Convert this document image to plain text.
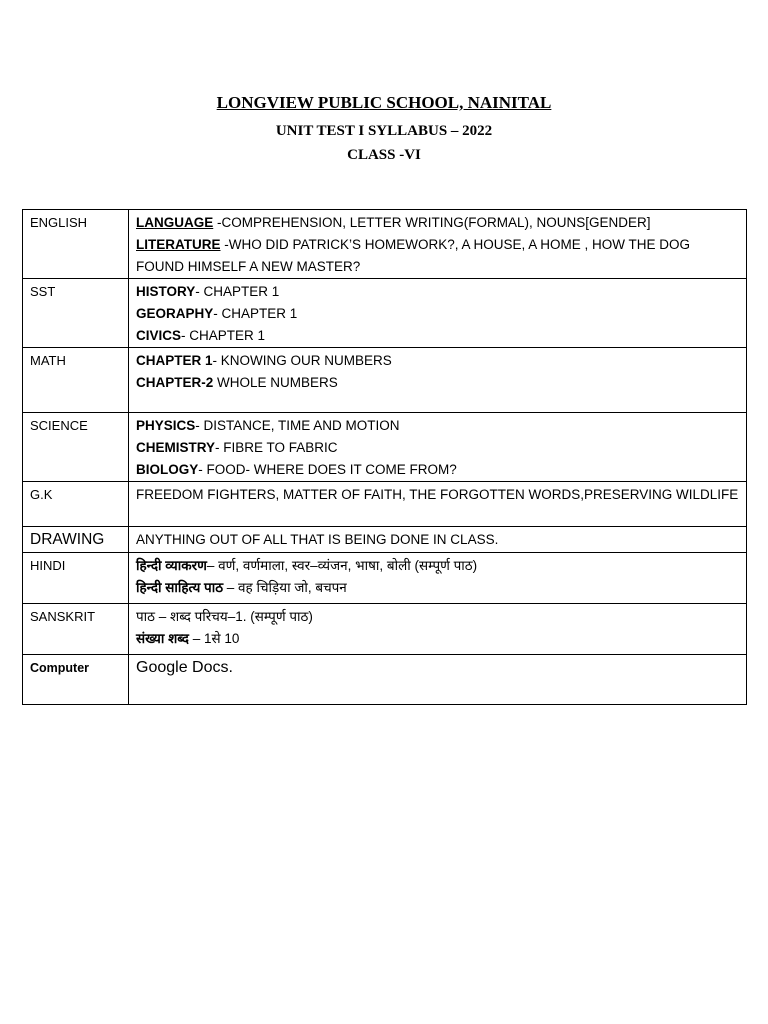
LONGVIEW PUBLIC SCHOOL, NAINITAL
UNIT TEST I SYLLABUS – 2022
CLASS -VI
ENGLISH	LANGUAGE -COMPREHENSION, LETTER WRITING(FORMAL), NOUNS[GENDER]
LITERATURE -WHO DID PATRICK’S HOMEWORK?, A HOUSE, A HOME , HOW THE DOG FOUND HIMSELF A NEW MASTER?

SST	HISTORY- CHAPTER 1
GEORAPHY- CHAPTER 1
CIVICS- CHAPTER 1

MATH	CHAPTER 1- KNOWING OUR NUMBERS
CHAPTER-2 WHOLE NUMBERS

SCIENCE	PHYSICS- DISTANCE, TIME AND MOTION
CHEMISTRY- FIBRE TO FABRIC
BIOLOGY- FOOD- WHERE DOES IT COME FROM?

G.K	FREEDOM FIGHTERS, MATTER OF FAITH, THE FORGOTTEN WORDS,PRESERVING WILDLIFE
DRAWING	ANYTHING OUT OF ALL THAT IS BEING DONE IN CLASS.
HINDI	हिन्दी व्याकरण– वर्ण, वर्णमाला, स्वर–व्यंजन, भाषा, बोली (सम्पूर्ण पाठ)
हिन्दी साहित्य पाठ – वह चिड़िया जो, बचपन

SANSKRIT	पाठ – शब्द परिचय–1. (सम्पूर्ण पाठ)
संख्या शब्द – 1से 10

Computer	Google Docs.
